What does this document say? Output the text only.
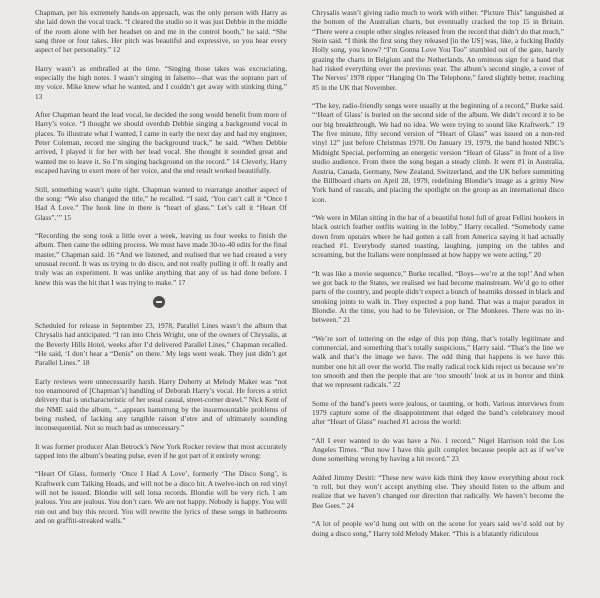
Chapman, per his extremely hands-on approach, was the only person with Harry as she laid down the vocal track. “I cleared the studio so it was just Debbie in the middle of the room alone with her headset on and me in the control booth,” he said. “She sang three or four takes. Her pitch was beautiful and expressive, so you hear every aspect of her personality.” 12

Harry wasn’t as enthralled at the time. “Singing those takes was excruciating, especially the high notes. I wasn’t singing in falsetto—that was the soprano part of my voice. Mike knew what he wanted, and I couldn’t get away with stinking thing.” 13

After Chapman heard the lead vocal, he decided the song would benefit from more of Harry’s voice. “I thought we should overdub Debbie singing a background vocal in places. To illustrate what I wanted, I came in early the next day and had my engineer, Peter Coleman, record me singing the background track,” he said. “When Debbie arrived, I played it for her with her lead vocal. She thought it sounded great and wanted me to leave it. So I’m singing background on the record.” 14 Cleverly, Harry escaped having to exert more of her voice, and the end result worked beautifully.

Still, something wasn’t quite right. Chapman wanted to rearrange another aspect of the song: “We also changed the title,” he recalled. “I said, ‘You can’t call it “Once I Had A Love.” The hook line in there is “heart of glass.” Let’s call it “Heart Of Glass”.’” 15

“Recording the song took a little over a week, leaving us four weeks to finish the album. Then came the editing process. We must have made 30-to-40 edits for the final master,” Chapman said. 16 “And we listened, and realised that we had created a very unusual record. It was us trying to do disco, and not really pulling it off. It really and truly was an experiment. It was unlike anything that any of us had done before. I knew this was the hit that I was trying to make.” 17

Scheduled for release in September 23, 1978, Parallel Lines wasn’t the album that Chrysalis had anticipated. “I ran into Chris Wright, one of the owners of Chrysalis, at the Beverly Hills Hotel, weeks after I’d delivered Parallel Lines,” Chapman recalled. “He said, ‘I don’t hear a “Denis” on there.’ My legs went weak. They just didn’t get Parallel Lines.” 18

Early reviews were unnecessarily harsh. Harry Doherty at Melody Maker was “not too enamoured of [Chapman’s] handling of Deborah Harry’s vocal. He forces a strict delivery that is uncharacteristic of her usual casual, street-corner drawl.” Nick Kent of the NME said the album, “...appears hamstrung by the insurmountable problems of being rushed, of lacking any tangible raison d’etre and of ultimately sounding inconsequential. Not so much bad as unnecessary.”

It was former producer Alan Betrock’s New York Rocker review that most accurately tapped into the album’s beating pulse, even if he got part of it entirely wrong:

“Heart Of Glass, formerly ‘Once I Had A Love’, formerly ‘The Disco Song’, is Kraftwerk cum Talking Heads, and will not be a disco hit. A twelve-inch on red vinyl will not be issued. Blondie will sell lotsa records. Blondie will be very rich. I am jealous. You are jealous. You don’t care. We are not happy. Nobody is happy. You will run out and buy this record. You will rewrite the lyrics of these songs in bathrooms and on graffiti-streaked walls.”

Chrysalis wasn’t giving radio much to work with either. “Picture This” languished at the bottom of the Australian charts, but eventually cracked the top 15 in Britain. “There were a couple other singles released from the record that didn’t do that much,” Stein said. “I think the first song they released [in the US] was, like, a fucking Buddy Holly song, you know? “I’m Gonna Love You Too” stumbled out of the gate, barely grazing the charts in Belgium and the Netherlands. An ominous sign for a band that had risked everything over the previous year. The album’s second single, a cover of The Nerves’ 1978 ripper “Hanging On The Telephone,” fared slightly better, reaching #5 in the UK that November.

“The key, radio-friendly songs were usually at the beginning of a record,” Burke said. “‘Heart of Glass’ is buried on the second side of the album. We didn’t record it to be our big breakthrough. We had no idea. We were trying to sound like Kraftwerk.” 19 The five minute, fifty second version of “Heart of Glass” was issued on a non-red vinyl 12” just before Christmas 1978. On January 19, 1979, the band hosted NBC’s Midnight Special, performing an energetic version “Heart of Glass” in front of a live studio audience. From there the song began a steady climb. It went #1 in Australia, Austria, Canada, Germany, New Zealand, Switzerland, and the UK before summiting the Billboard charts on April 28, 1979, redefining Blondie’s image as a grimy New York band of rascals, and placing the spotlight on the group as an international disco icon.

“We were in Milan sitting in the bar of a beautiful hotel full of great Fellini hookers in black ostrich feather outfits waiting in the lobby,” Harry recalled. “Somebody came down from upstairs where he had gotten a call from America saying it had actually reached #1. Everybody started toasting, laughing, jumping on the tables and screaming, but the Italians were nonplussed at how happy we were acting.” 20

“It was like a movie sequence,” Burke recalled. “Boys—we’re at the top!’ And when we got back to the States, we realised we had become mainstream. We’d go to other parts of the country, and people didn’t expect a bunch of beatniks dressed in black and smoking joints to walk in. They expected a pop band. That was a major paradox in Blondie. At the time, you had to be Television, or The Monkees. There was no in-between.” 21

“We’re sort of tottering on the edge of this pop thing, that’s totally legitimate and commercial, and something that’s totally suspicious,” Harry said. “That’s the line we walk and that’s the image we have. The odd thing that happens is we have this number one hit all over the world. The really radical rock kids reject us because we’re too smooth and then the people that are ‘too smooth’ look at us in horror and think that we represent radicals.” 22

Some of the band’s peers were jealous, or taunting, or both. Various interviews from 1979 capture some of the disappointment that edged the band’s celebratory mood after “Heart of Glass” reached #1 across the world:

“All I ever wanted to do was have a No. 1 record,” Nigel Harrison told the Los Angeles Times. “But now I have this guilt complex because people act as if we’ve done something wrong by having a hit record.” 23

Added Jimmy Destri: “These new wave kids think they know everything about rock ‘n roll, but they won’t accept anything else. They should listen to the album and realize that we haven’t changed our direction that radically. We haven’t become the Bee Gees.” 24

“A lot of people we’d hung out with on the scene for years said we’d sold out by doing a disco song,” Harry told Melody Maker. “This is a blatantly ridiculous
